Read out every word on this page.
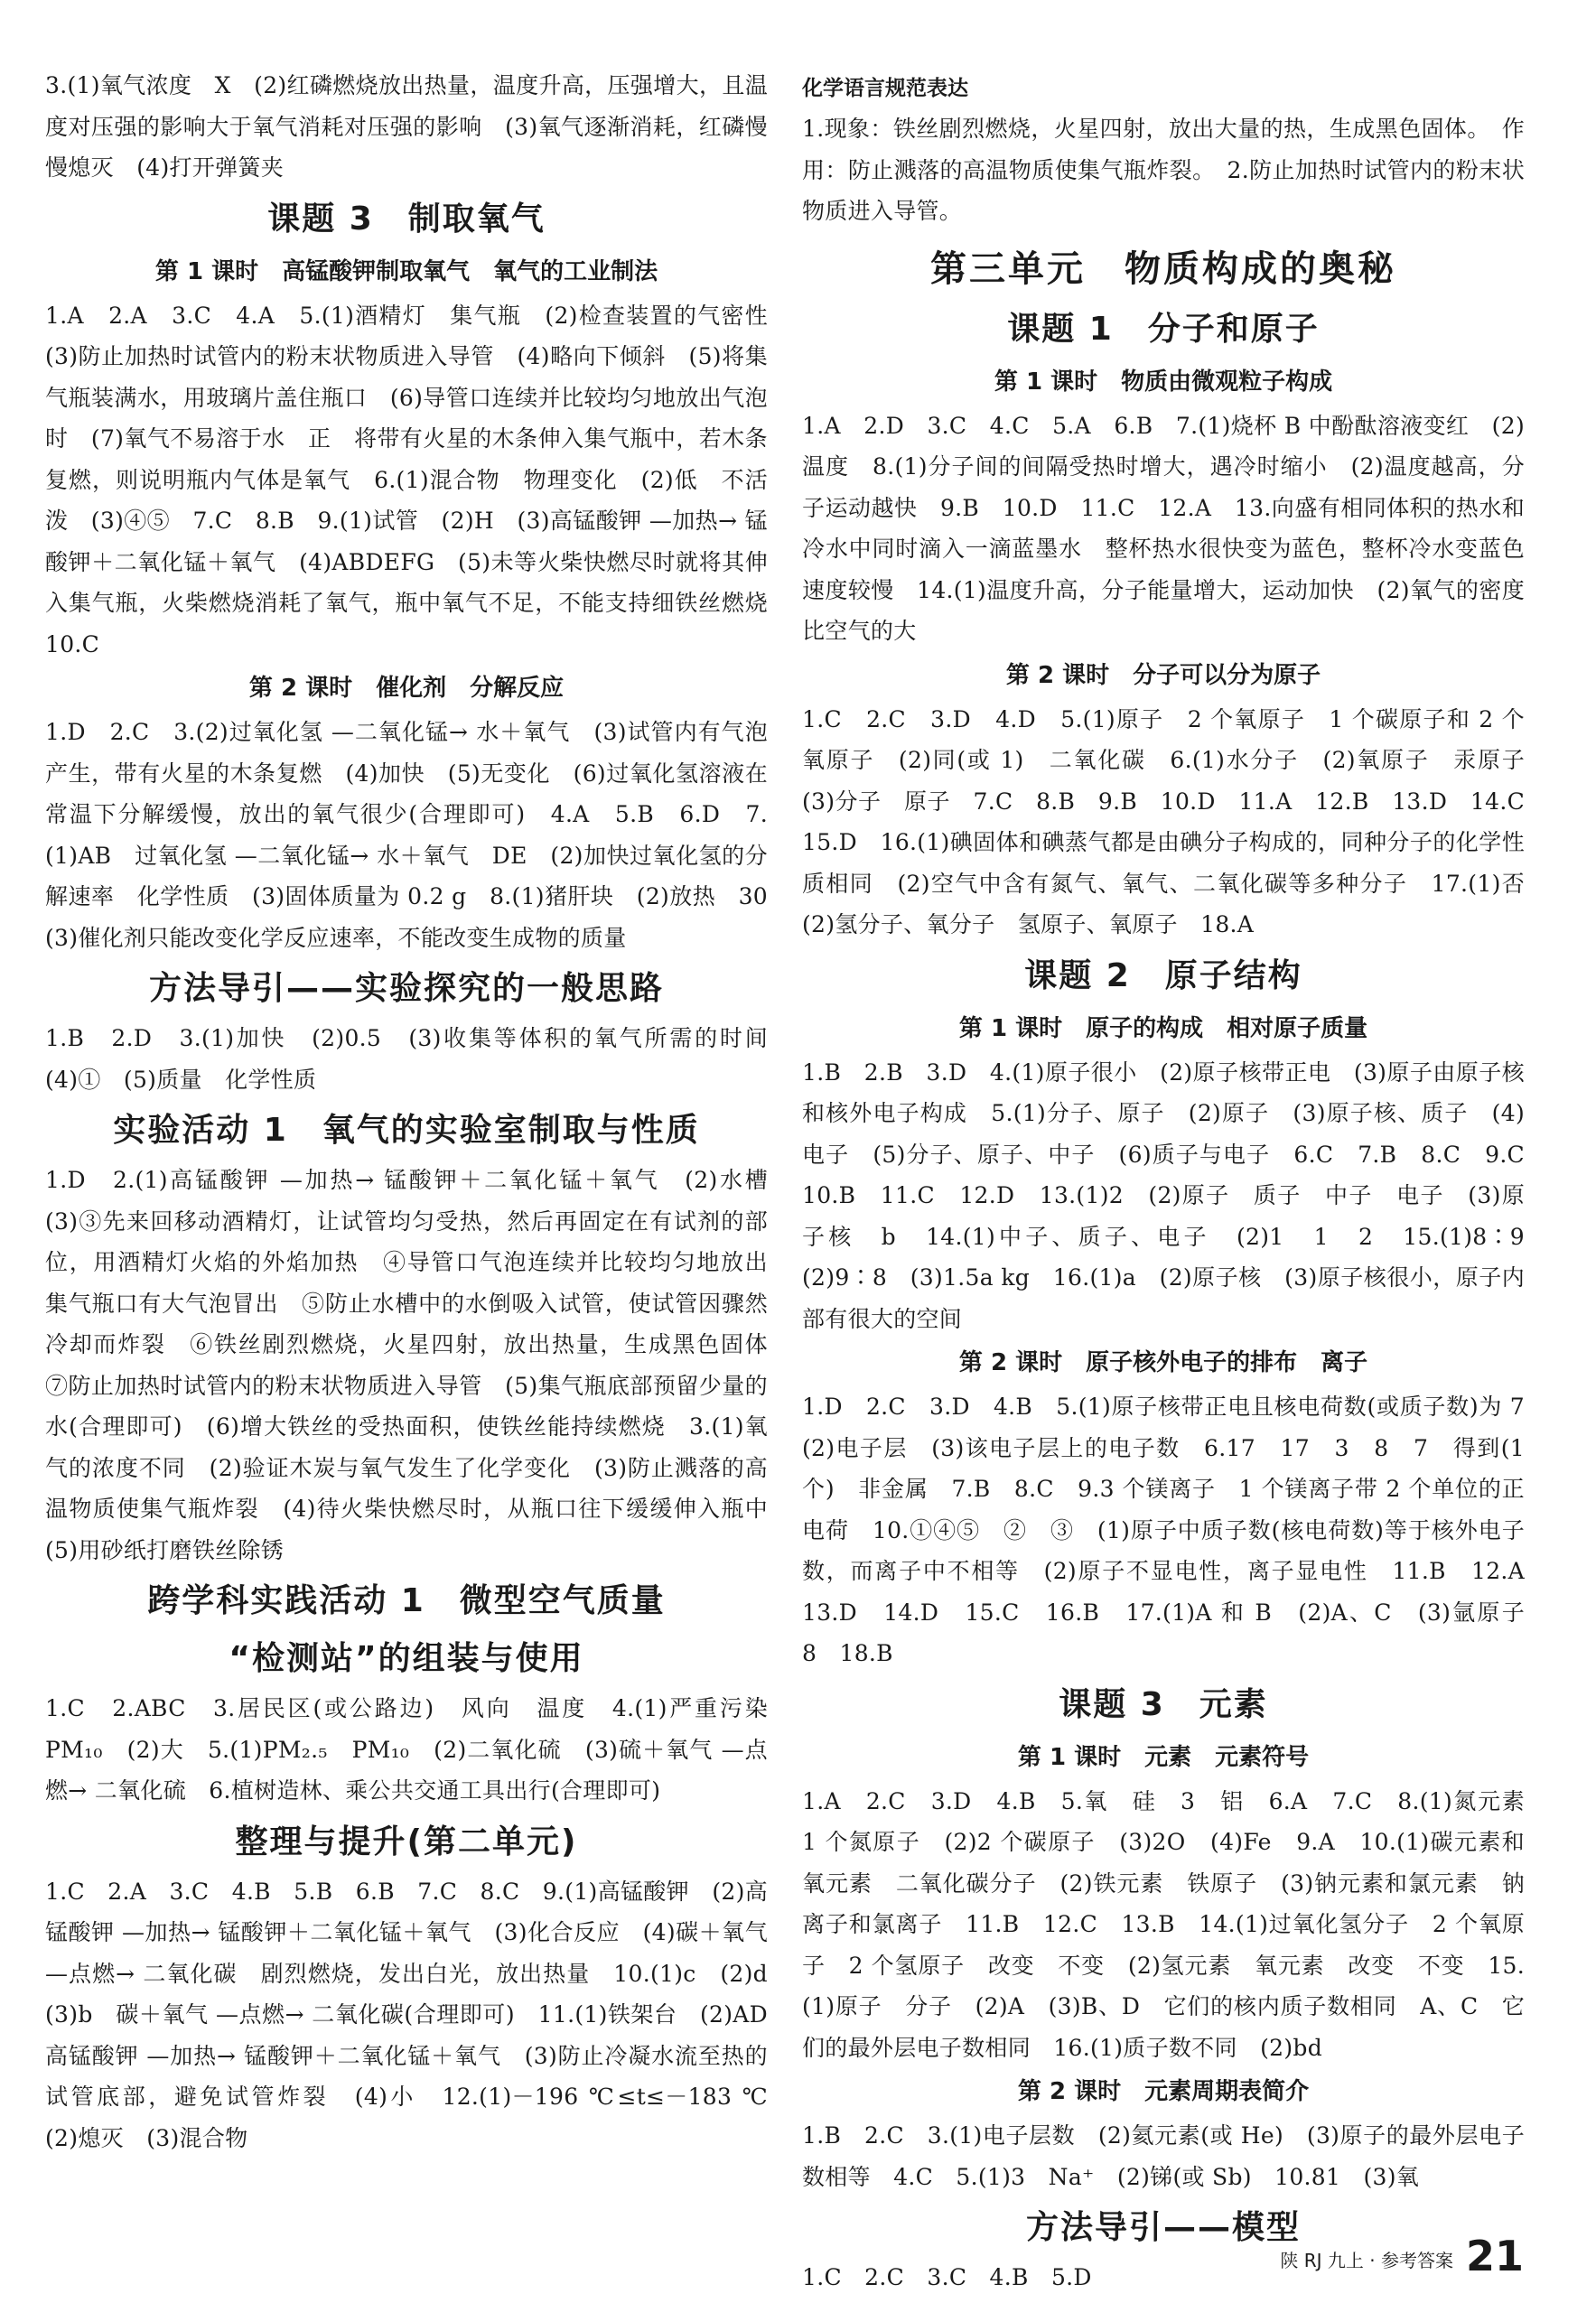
3.(1)氧气浓度　X　(2)红磷燃烧放出热量，温度升高，压强增大，且温度对压强的影响大于氧气消耗对压强的影响　(3)氧气逐渐消耗，红磷慢慢熄灭　(4)打开弹簧夹
课题 3　制取氧气
第 1 课时　高锰酸钾制取氧气　氧气的工业制法
1.A　2.A　3.C　4.A　5.(1)酒精灯　集气瓶　(2)检查装置的气密性　(3)防止加热时试管内的粉末状物质进入导管　(4)略向下倾斜　(5)将集气瓶装满水，用玻璃片盖住瓶口　(6)导管口连续并比较均匀地放出气泡时　(7)氧气不易溶于水　正　将带有火星的木条伸入集气瓶中，若木条复燃，则说明瓶内气体是氧气　6.(1)混合物　物理变化　(2)低　不活泼　(3)④⑤　7.C　8.B　9.(1)试管　(2)H　(3)高锰酸钾 —加热→ 锰酸钾＋二氧化锰＋氧气　(4)ABDEFG　(5)未等火柴快燃尽时就将其伸入集气瓶，火柴燃烧消耗了氧气，瓶中氧气不足，不能支持细铁丝燃烧　10.C
第 2 课时　催化剂　分解反应
1.D　2.C　3.(2)过氧化氢 —二氧化锰→ 水＋氧气　(3)试管内有气泡产生，带有火星的木条复燃　(4)加快　(5)无变化　(6)过氧化氢溶液在常温下分解缓慢，放出的氧气很少(合理即可)　4.A　5.B　6.D　7.(1)AB　过氧化氢 —二氧化锰→ 水＋氧气　DE　(2)加快过氧化氢的分解速率　化学性质　(3)固体质量为 0.2 g　8.(1)猪肝块　(2)放热　30　(3)催化剂只能改变化学反应速率，不能改变生成物的质量
方法导引——实验探究的一般思路
1.B　2.D　3.(1)加快　(2)0.5　(3)收集等体积的氧气所需的时间　(4)①　(5)质量　化学性质
实验活动 1　氧气的实验室制取与性质
1.D　2.(1)高锰酸钾 —加热→ 锰酸钾＋二氧化锰＋氧气　(2)水槽　(3)③先来回移动酒精灯，让试管均匀受热，然后再固定在有试剂的部位，用酒精灯火焰的外焰加热　④导管口气泡连续并比较均匀地放出　集气瓶口有大气泡冒出　⑤防止水槽中的水倒吸入试管，使试管因骤然冷却而炸裂　⑥铁丝剧烈燃烧，火星四射，放出热量，生成黑色固体　⑦防止加热时试管内的粉末状物质进入导管　(5)集气瓶底部预留少量的水(合理即可)　(6)增大铁丝的受热面积，使铁丝能持续燃烧　3.(1)氧气的浓度不同　(2)验证木炭与氧气发生了化学变化　(3)防止溅落的高温物质使集气瓶炸裂　(4)待火柴快燃尽时，从瓶口往下缓缓伸入瓶中　(5)用砂纸打磨铁丝除锈
跨学科实践活动 1　微型空气质量
“检测站”的组装与使用
1.C　2.ABC　3.居民区(或公路边)　风向　温度　4.(1)严重污染　PM₁₀　(2)大　5.(1)PM₂.₅　PM₁₀　(2)二氧化硫　(3)硫＋氧气 —点燃→ 二氧化硫　6.植树造林、乘公共交通工具出行(合理即可)
整理与提升(第二单元)
1.C　2.A　3.C　4.B　5.B　6.B　7.C　8.C　9.(1)高锰酸钾　(2)高锰酸钾 —加热→ 锰酸钾＋二氧化锰＋氧气　(3)化合反应　(4)碳＋氧气 —点燃→ 二氧化碳　剧烈燃烧，发出白光，放出热量　10.(1)c　(2)d　(3)b　碳＋氧气 —点燃→ 二氧化碳(合理即可)　11.(1)铁架台　(2)AD　高锰酸钾 —加热→ 锰酸钾＋二氧化锰＋氧气　(3)防止冷凝水流至热的试管底部，避免试管炸裂　(4)小　12.(1)－196 ℃≤t≤－183 ℃　(2)熄灭　(3)混合物
化学语言规范表达
1.现象：铁丝剧烈燃烧，火星四射，放出大量的热，生成黑色固体。　作用：防止溅落的高温物质使集气瓶炸裂。　2.防止加热时试管内的粉末状物质进入导管。
第三单元　物质构成的奥秘
课题 1　分子和原子
第 1 课时　物质由微观粒子构成
1.A　2.D　3.C　4.C　5.A　6.B　7.(1)烧杯 B 中酚酞溶液变红　(2)温度　8.(1)分子间的间隔受热时增大，遇冷时缩小　(2)温度越高，分子运动越快　9.B　10.D　11.C　12.A　13.向盛有相同体积的热水和冷水中同时滴入一滴蓝墨水　整杯热水很快变为蓝色，整杯冷水变蓝色速度较慢　14.(1)温度升高，分子能量增大，运动加快　(2)氧气的密度比空气的大
第 2 课时　分子可以分为原子
1.C　2.C　3.D　4.D　5.(1)原子　2 个氧原子　1 个碳原子和 2 个氧原子　(2)同(或 1)　二氧化碳　6.(1)水分子　(2)氧原子　汞原子　(3)分子　原子　7.C　8.B　9.B　10.D　11.A　12.B　13.D　14.C　15.D　16.(1)碘固体和碘蒸气都是由碘分子构成的，同种分子的化学性质相同　(2)空气中含有氮气、氧气、二氧化碳等多种分子　17.(1)否　(2)氢分子、氧分子　氢原子、氧原子　18.A
课题 2　原子结构
第 1 课时　原子的构成　相对原子质量
1.B　2.B　3.D　4.(1)原子很小　(2)原子核带正电　(3)原子由原子核和核外电子构成　5.(1)分子、原子　(2)原子　(3)原子核、质子　(4)电子　(5)分子、原子、中子　(6)质子与电子　6.C　7.B　8.C　9.C　10.B　11.C　12.D　13.(1)2　(2)原子　质子　中子　电子　(3)原子核　b　14.(1)中子、质子、电子　(2)1　1　2　15.(1)8∶9　(2)9∶8　(3)1.5a kg　16.(1)a　(2)原子核　(3)原子核很小，原子内部有很大的空间
第 2 课时　原子核外电子的排布　离子
1.D　2.C　3.D　4.B　5.(1)原子核带正电且核电荷数(或质子数)为 7　(2)电子层　(3)该电子层上的电子数　6.17　17　3　8　7　得到(1个)　非金属　7.B　8.C　9.3 个镁离子　1 个镁离子带 2 个单位的正电荷　10.①④⑤　②　③　(1)原子中质子数(核电荷数)等于核外电子数，而离子中不相等　(2)原子不显电性，离子显电性　11.B　12.A　13.D　14.D　15.C　16.B　17.(1)A 和 B　(2)A、C　(3)氩原子　8　18.B
课题 3　元素
第 1 课时　元素　元素符号
1.A　2.C　3.D　4.B　5.氧　硅　3　铝　6.A　7.C　8.(1)氮元素　1 个氮原子　(2)2 个碳原子　(3)2O　(4)Fe　9.A　10.(1)碳元素和氧元素　二氧化碳分子　(2)铁元素　铁原子　(3)钠元素和氯元素　钠离子和氯离子　11.B　12.C　13.B　14.(1)过氧化氢分子　2 个氧原子　2 个氢原子　改变　不变　(2)氢元素　氧元素　改变　不变　15.(1)原子　分子　(2)A　(3)B、D　它们的核内质子数相同　A、C　它们的最外层电子数相同　16.(1)质子数不同　(2)bd
第 2 课时　元素周期表简介
1.B　2.C　3.(1)电子层数　(2)氦元素(或 He)　(3)原子的最外层电子数相等　4.C　5.(1)3　Na⁺　(2)锑(或 Sb)　10.81　(3)氧
方法导引——模型
1.C　2.C　3.C　4.B　5.D
陕 RJ 九上 · 参考答案 21
